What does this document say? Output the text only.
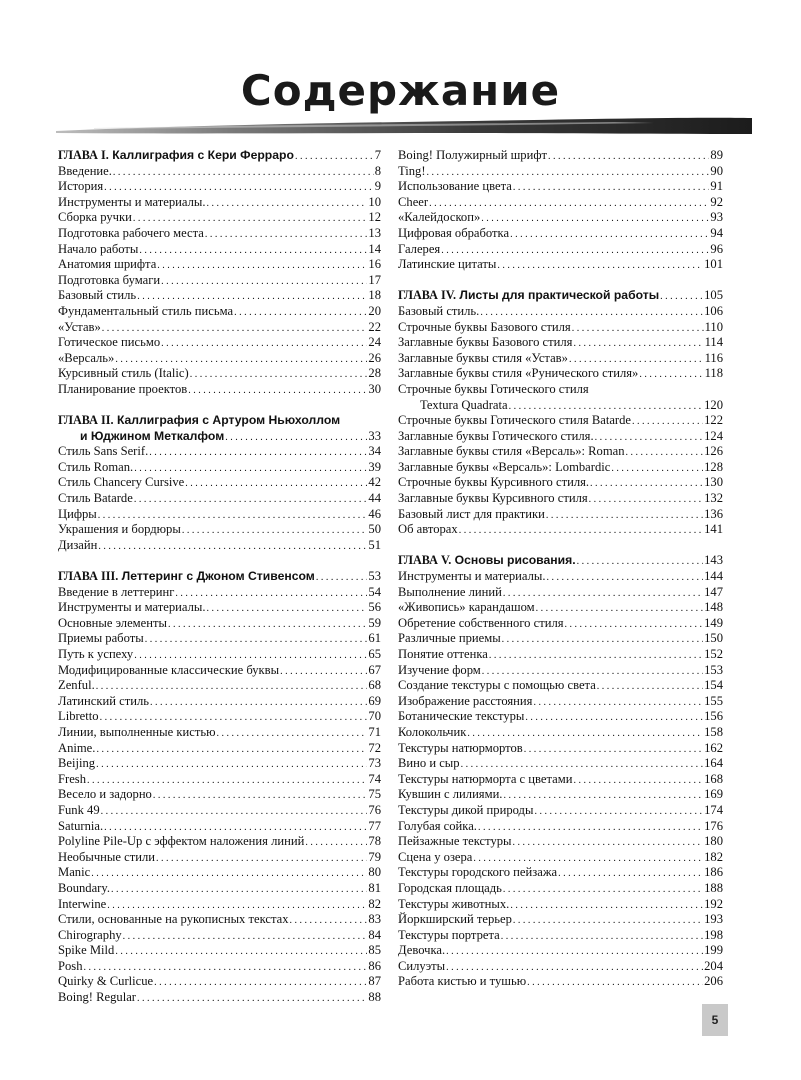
Содержание
ГЛАВА I. Каллиграфия с Кери Ферраро . . .	7
Введение. . . .	8
История . . .	9
Инструменты и материалы. . . .	10
Сборка ручки . . .	12
Подготовка рабочего места . . .	13
Начало работы . . .	14
Анатомия шрифта . . .	16
Подготовка бумаги . . .	17
Базовый стиль . . .	18
Фундаментальный стиль письма . . .	20
«Устав» . . .	22
Готическое письмо . . .	24
«Версаль» . . .	26
Курсивный стиль (Italic) . . .	28
Планирование проектов . . .	30
ГЛАВА II. Каллиграфия с Артуром Ньюхоллом
и Юджином Меткалфом . . .	33
Стиль Sans Serif. . . .	34
Стиль Roman. . . .	39
Стиль Chancery Cursive . . .	42
Стиль Batarde . . .	44
Цифры . . .	46
Украшения и бордюры . . .	50
Дизайн . . .	51
ГЛАВА III. Леттеринг с Джоном Стивенсом . . .	53
Введение в леттеринг . . .	54
Инструменты и материалы. . . .	56
Основные элементы . . .	59
Приемы работы . . .	61
Путь к успеху . . .	65
Модифицированные классические буквы . . .	67
Zenful. . . .	68
Латинский стиль . . .	69
Libretto . . .	70
Линии, выполненные кистью . . .	71
Anime. . . .	72
Beijing . . .	73
Fresh . . .	74
Весело и задорно . . .	75
Funk 49 . . .	76
Saturnia. . . .	77
Polyline Pile-Up с эффектом наложения линий . . .	78
Необычные стили . . .	79
Manic . . .	80
Boundary. . . .	81
Interwine . . .	82
Стили, основанные на рукописных текстах . . .	83
Chirography . . .	84
Spike Mild . . .	85
Posh . . .	86
Quirky & Curlicue . . .	87
Boing! Regular . . .	88
Boing! Полужирный шрифт . . .	89
Ting! . . .	90
Использование цвета . . .	91
Cheer . . .	92
«Калейдоскоп» . . .	93
Цифровая обработка . . .	94
Галерея . . .	96
Латинские цитаты . . .	101
ГЛАВА IV. Листы для практической работы . . .	105
Базовый стиль. . . .	106
Строчные буквы Базового стиля . . .	110
Заглавные буквы Базового стиля . . .	114
Заглавные буквы стиля «Устав» . . .	116
Заглавные буквы стиля «Рунического стиля» . . .	118
Строчные буквы Готического стиля
Textura Quadrata . . .	120
Строчные буквы Готического стиля Batarde . . .	122
Заглавные буквы Готического стиля. . . .	124
Заглавные буквы стиля «Версаль»: Roman . . .	126
Заглавные буквы «Версаль»: Lombardic . . .	128
Строчные буквы Курсивного стиля. . . .	130
Заглавные буквы Курсивного стиля . . .	132
Базовый лист для практики . . .	136
Об авторах . . .	141
ГЛАВА V. Основы рисования. . . .	143
Инструменты и материалы. . . .	144
Выполнение линий . . .	147
«Живопись» карандашом . . .	148
Обретение собственного стиля . . .	149
Различные приемы . . .	150
Понятие оттенка . . .	152
Изучение форм . . .	153
Создание текстуры с помощью света . . .	154
Изображение расстояния . . .	155
Ботанические текстуры . . .	156
Колокольчик . . .	158
Текстуры натюрмортов . . .	162
Вино и сыр . . .	164
Текстуры натюрморта с цветами . . .	168
Кувшин с лилиями. . . .	169
Текстуры дикой природы . . .	174
Голубая сойка. . . .	176
Пейзажные текстуры . . .	180
Сцена у озера . . .	182
Текстуры городского пейзажа . . .	186
Городская площадь . . .	188
Текстуры животных. . . .	192
Йоркширский терьер . . .	193
Текстуры портрета . . .	198
Девочка. . . .	199
Силуэты . . .	204
Работа кистью и тушью . . .	206
5
